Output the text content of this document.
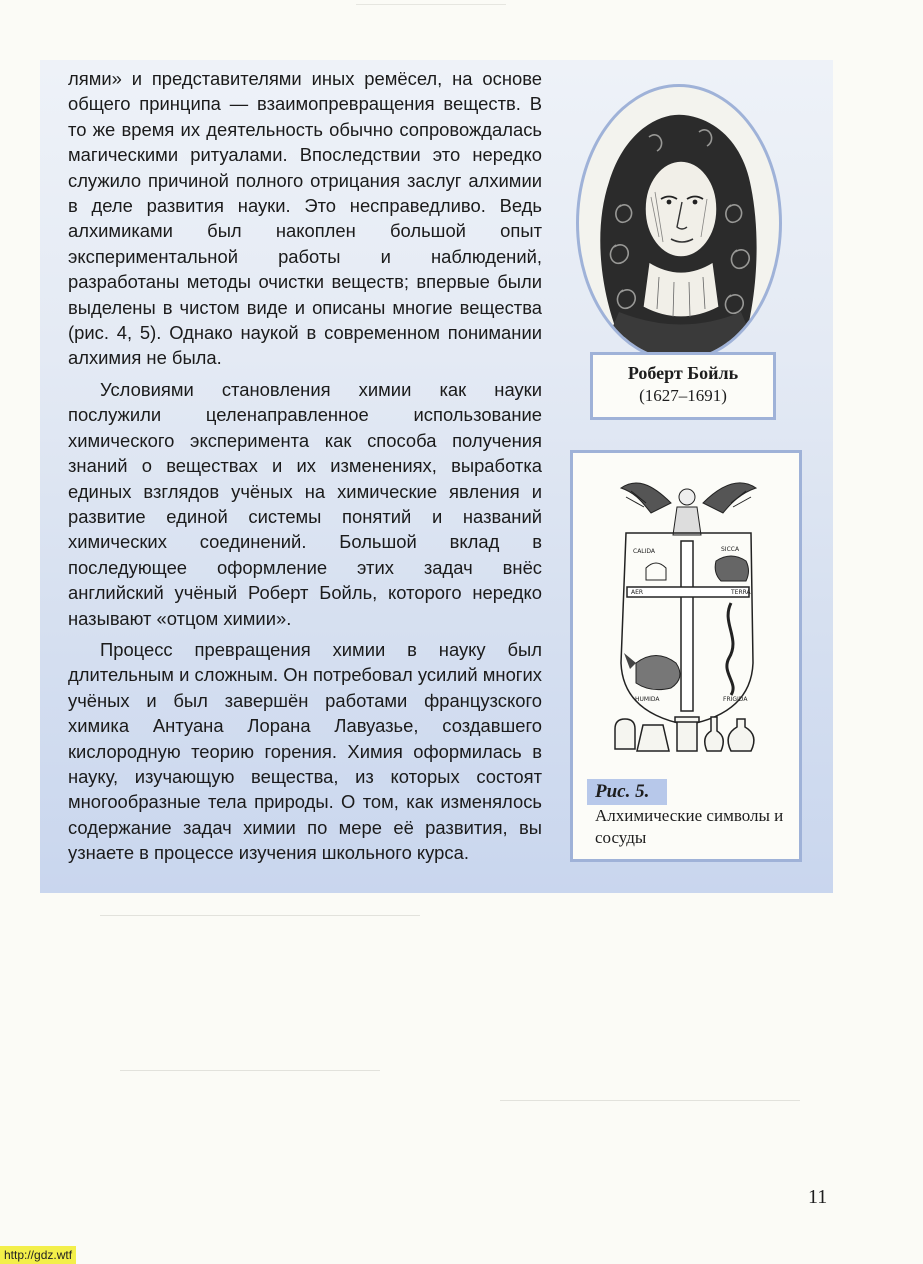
лями» и представителями иных ремёсел, на основе общего принципа — взаимопревращения веществ. В то же время их деятельность обычно сопровождалась магическими ритуалами. Впоследствии это нередко служило причиной полного отрицания заслуг алхимии в деле развития науки. Это несправедливо. Ведь алхимиками был накоплен большой опыт экспериментальной работы и наблюдений, разработаны методы очистки веществ; впервые были выделены в чистом виде и описаны многие вещества (рис. 4, 5). Однако наукой в современном понимании алхимия не была.

Условиями становления химии как науки послужили целенаправленное использование химического эксперимента как способа получения знаний о веществах и их изменениях, выработка единых взглядов учёных на химические явления и развитие единой системы понятий и названий химических соединений. Большой вклад в последующее оформление этих задач внёс английский учёный Роберт Бойль, которого нередко называют «отцом химии».

Процесс превращения химии в науку был длительным и сложным. Он потребовал усилий многих учёных и был завершён работами французского химика Антуана Лорана Лавуазье, создавшего кислородную теорию горения. Химия оформилась в науку, изучающую вещества, из которых состоят многообразные тела природы. О том, как изменялось содержание задач химии по мере её развития, вы узнаете в процессе изучения школьного курса.

Роберт Бойль
(1627–1691)
CALIDA	SICCA
AER	TERRA
HUMIDA	FRIGIDA
Рис. 5.
Алхимические символы и сосуды
11
http://gdz.wtf
